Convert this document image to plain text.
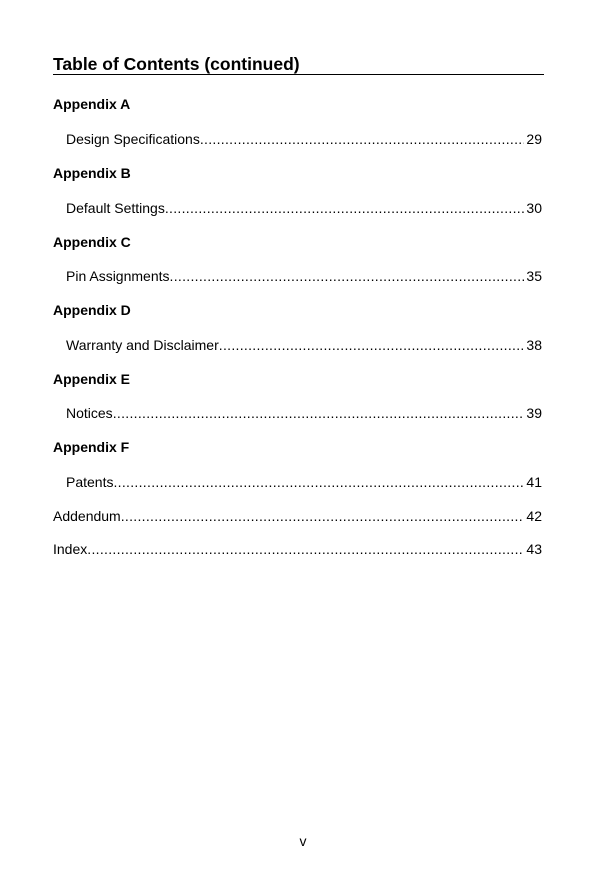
Table of Contents (continued)
Appendix A
Design Specifications .....	29
Appendix B
Default Settings .....	30
Appendix C
Pin Assignments .....	35
Appendix D
Warranty and Disclaimer .....	38
Appendix E
Notices .....	39
Appendix F
Patents .....	41
Addendum .....	42
Index .....	43
v
